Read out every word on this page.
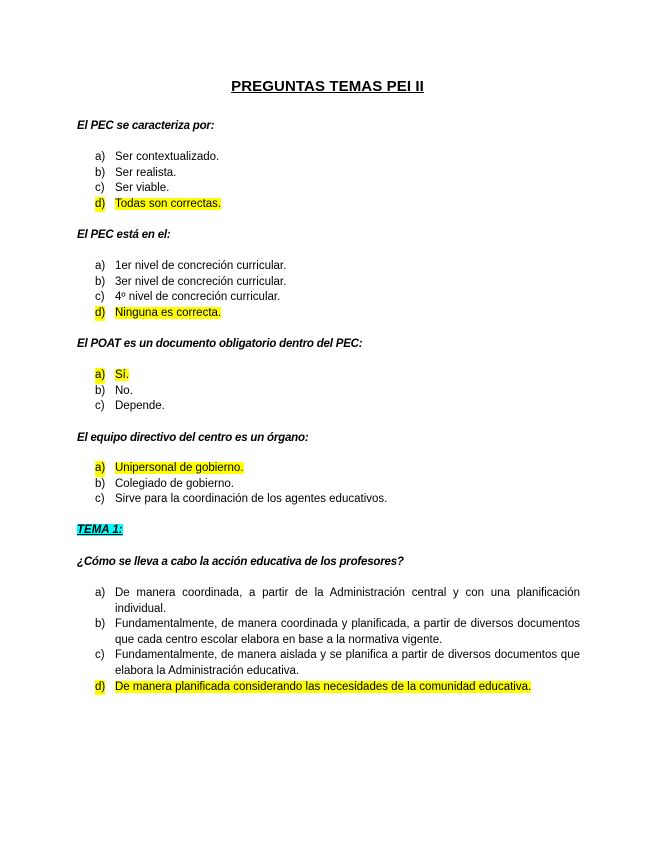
PREGUNTAS TEMAS PEI II
El PEC se caracteriza por:
a) Ser contextualizado.
b) Ser realista.
c) Ser viable.
d) Todas son correctas.
El PEC está en el:
a) 1er nivel de concreción curricular.
b) 3er nivel de concreción curricular.
c) 4º nivel de concreción curricular.
d) Ninguna es correcta.
El POAT es un documento obligatorio dentro del PEC:
a) Sí.
b) No.
c) Depende.
El equipo directivo del centro es un órgano:
a) Unipersonal de gobierno.
b) Colegiado de gobierno.
c) Sirve para la coordinación de los agentes educativos.
TEMA 1:
¿Cómo se lleva a cabo la acción educativa de los profesores?
a) De manera coordinada, a partir de la Administración central y con una planificación individual.
b) Fundamentalmente, de manera coordinada y planificada, a partir de diversos documentos que cada centro escolar elabora en base a la normativa vigente.
c) Fundamentalmente, de manera aislada y se planifica a partir de diversos documentos que elabora la Administración educativa.
d) De manera planificada considerando las necesidades de la comunidad educativa.
